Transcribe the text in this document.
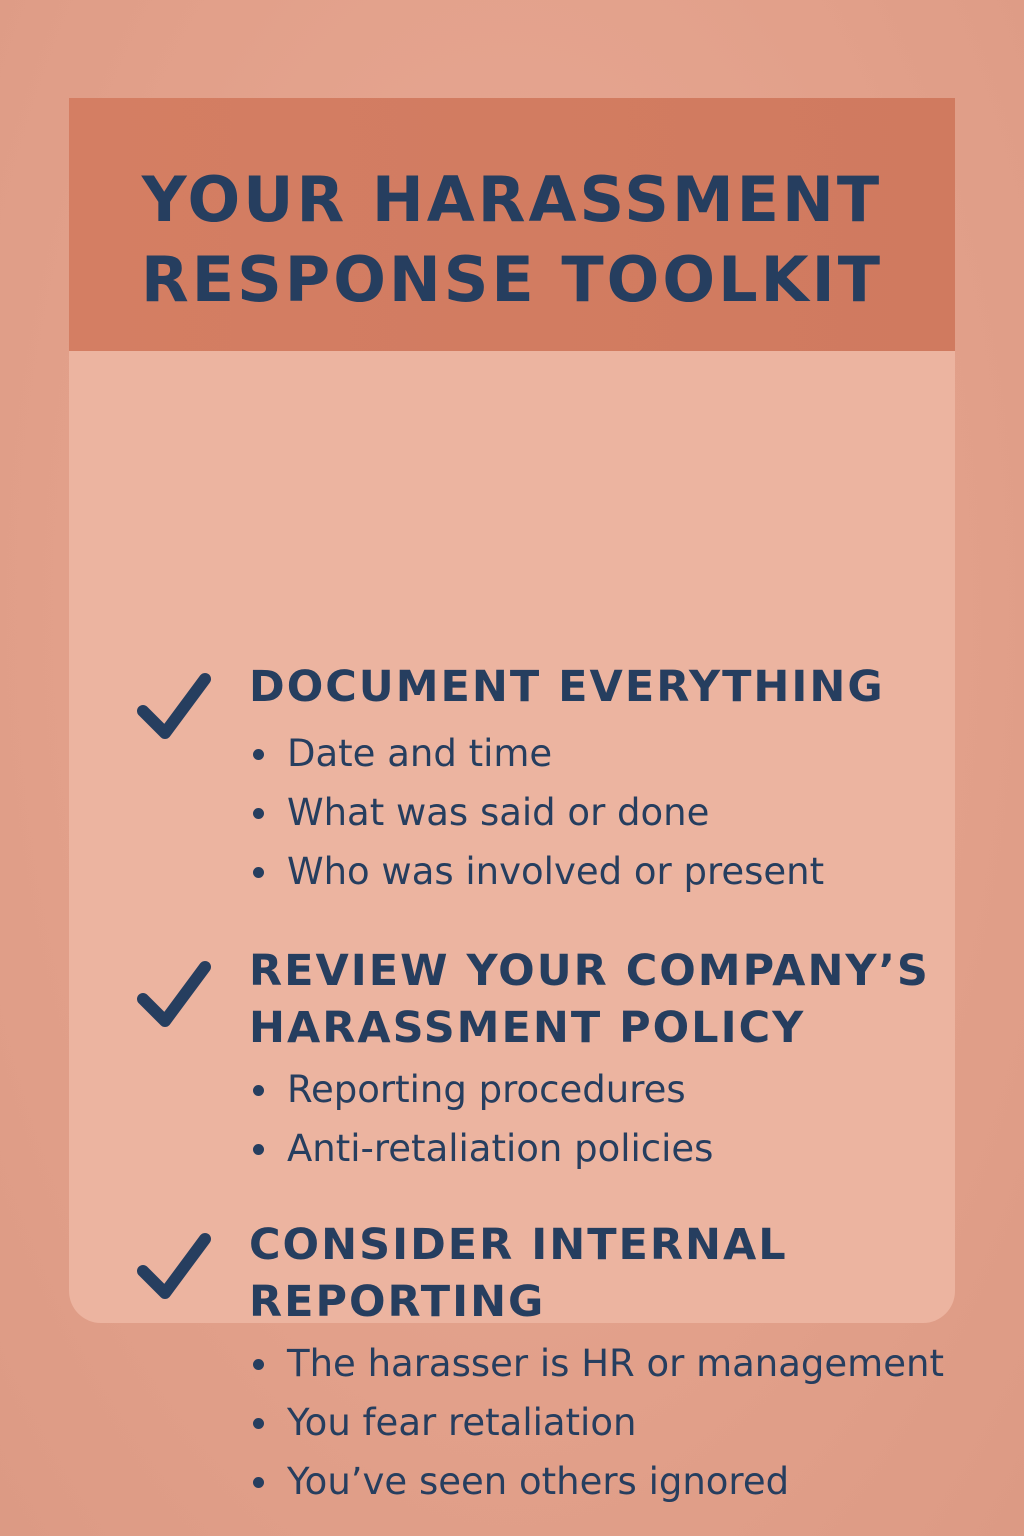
YOUR HARASSMENT
RESPONSE TOOLKIT
DOCUMENT EVERYTHING
Date and time
What was said or done
Who was involved or present
REVIEW YOUR COMPANY’S
HARASSMENT POLICY
Reporting procedures
Anti-retaliation policies
CONSIDER INTERNAL
REPORTING
The harasser is HR or management
You fear retaliation
You’ve seen others ignored
